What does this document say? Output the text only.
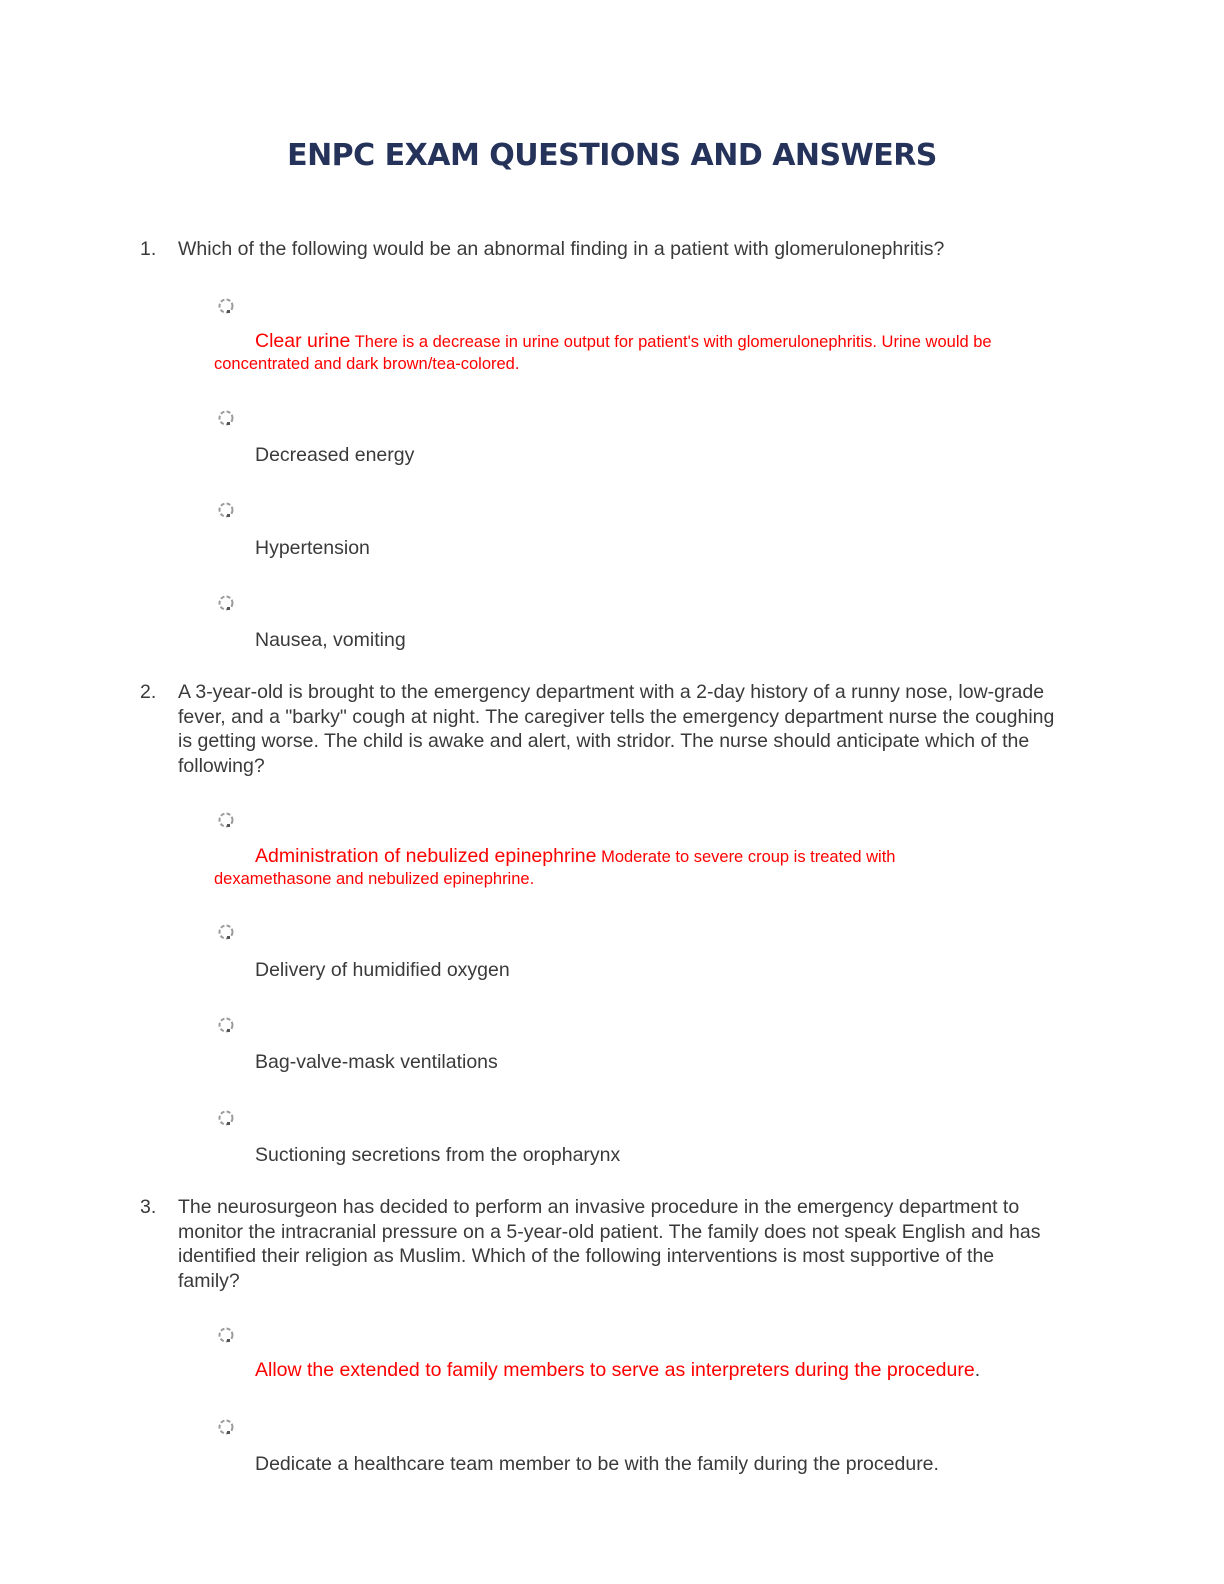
ENPC EXAM QUESTIONS AND ANSWERS
1. Which of the following would be an abnormal finding in a patient with glomerulonephritis?
Clear urine There is a decrease in urine output for patient's with glomerulonephritis. Urine would be concentrated and dark brown/tea-colored.
Decreased energy
Hypertension
Nausea, vomiting
2. A 3-year-old is brought to the emergency department with a 2-day history of a runny nose, low-grade fever, and a "barky" cough at night. The caregiver tells the emergency department nurse the coughing is getting worse. The child is awake and alert, with stridor. The nurse should anticipate which of the following?
Administration of nebulized epinephrine Moderate to severe croup is treated with dexamethasone and nebulized epinephrine.
Delivery of humidified oxygen
Bag-valve-mask ventilations
Suctioning secretions from the oropharynx
3. The neurosurgeon has decided to perform an invasive procedure in the emergency department to monitor the intracranial pressure on a 5-year-old patient. The family does not speak English and has identified their religion as Muslim. Which of the following interventions is most supportive of the family?
Allow the extended to family members to serve as interpreters during the procedure.
Dedicate a healthcare team member to be with the family during the procedure.
